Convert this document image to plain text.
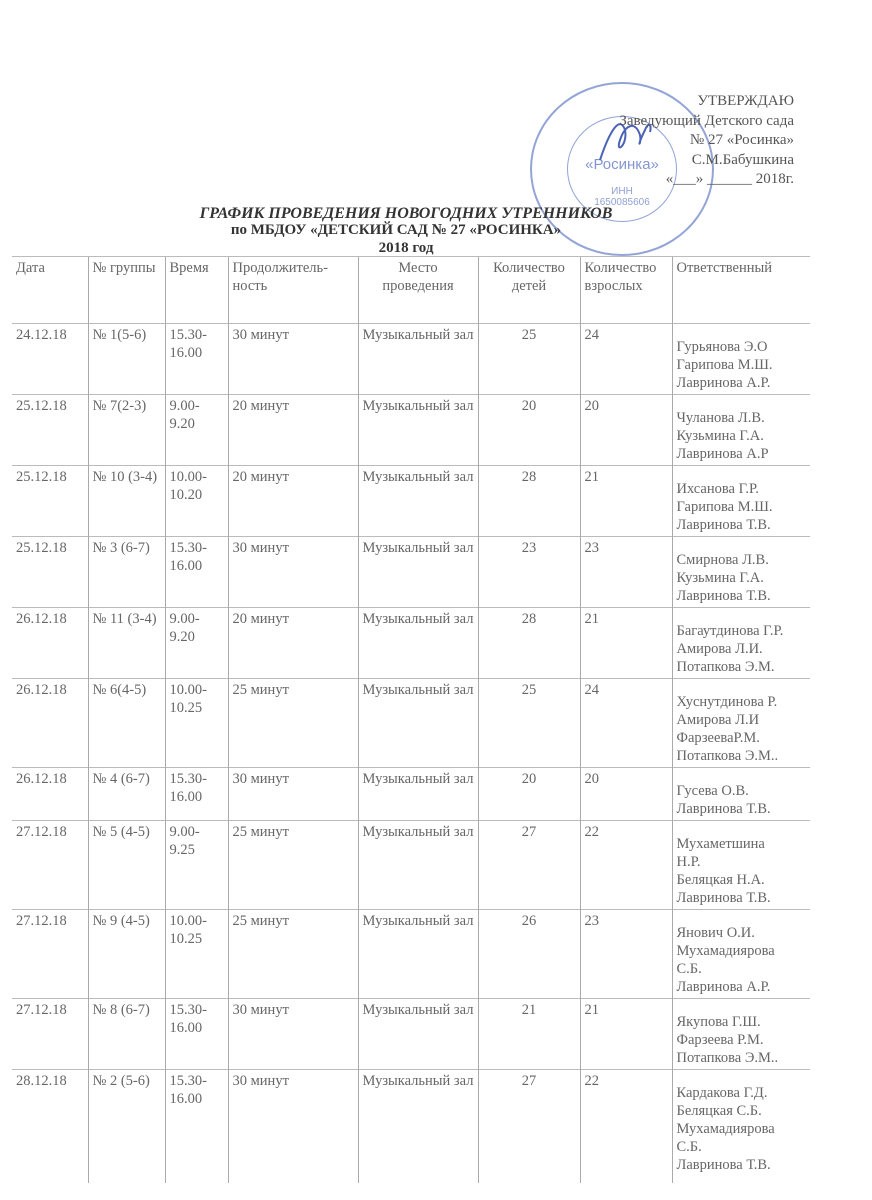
«Росинка»
ИНН
1650085606
УТВЕРЖДАЮ
Заведующий Детского сада
№ 27 «Росинка»
С.М.Бабушкина
«___» ______ 2018г.
ГРАФИК ПРОВЕДЕНИЯ НОВОГОДНИХ УТРЕННИКОВ
по МБДОУ «ДЕТСКИЙ САД № 27 «РОСИНКА»
2018 год
Дата	№ группы	Время	Продолжитель-ность	Место проведения	Количество детей	Количество взрослых	Ответственный
24.12.18	№ 1(5-6)	15.30-16.00	30 минут	Музыкальный зал	25	24	Гурьянова Э.О
Гарипова М.Ш.
Лавринова А.Р.
25.12.18	№ 7(2-3)	9.00-9.20	20 минут	Музыкальный зал	20	20	Чуланова Л.В.
Кузьмина Г.А.
Лавринова А.Р
25.12.18	№ 10 (3-4)	10.00-10.20	20 минут	Музыкальный зал	28	21	Ихсанова Г.Р.
Гарипова М.Ш.
Лавринова Т.В.
25.12.18	№ 3 (6-7)	15.30-16.00	30 минут	Музыкальный зал	23	23	Смирнова Л.В.
Кузьмина Г.А.
Лавринова Т.В.
26.12.18	№ 11 (3-4)	9.00-9.20	20 минут	Музыкальный зал	28	21	Багаутдинова Г.Р.
Амирова Л.И.
Потапкова Э.М.
26.12.18	№ 6(4-5)	10.00-10.25	25 минут	Музыкальный зал	25	24	Хуснутдинова Р.
Амирова Л.И
ФарзееваР.М.
Потапкова Э.М..
26.12.18	№ 4 (6-7)	15.30-16.00	30 минут	Музыкальный зал	20	20	Гусева О.В.
Лавринова Т.В.
27.12.18	№ 5 (4-5)	9.00-9.25	25 минут	Музыкальный зал	27	22	Мухаметшина
Н.Р.
Беляцкая Н.А.
Лавринова Т.В.
27.12.18	№ 9 (4-5)	10.00-10.25	25 минут	Музыкальный зал	26	23	Янович О.И.
Мухамадиярова
С.Б.
Лавринова А.Р.
27.12.18	№ 8 (6-7)	15.30-16.00	30 минут	Музыкальный зал	21	21	Якупова Г.Ш.
Фарзеева Р.М.
Потапкова Э.М..
28.12.18	№ 2 (5-6)	15.30-16.00	30 минут	Музыкальный зал	27	22	Кардакова Г.Д.
Беляцкая С.Б.
Мухамадиярова
С.Б.
Лавринова Т.В.
